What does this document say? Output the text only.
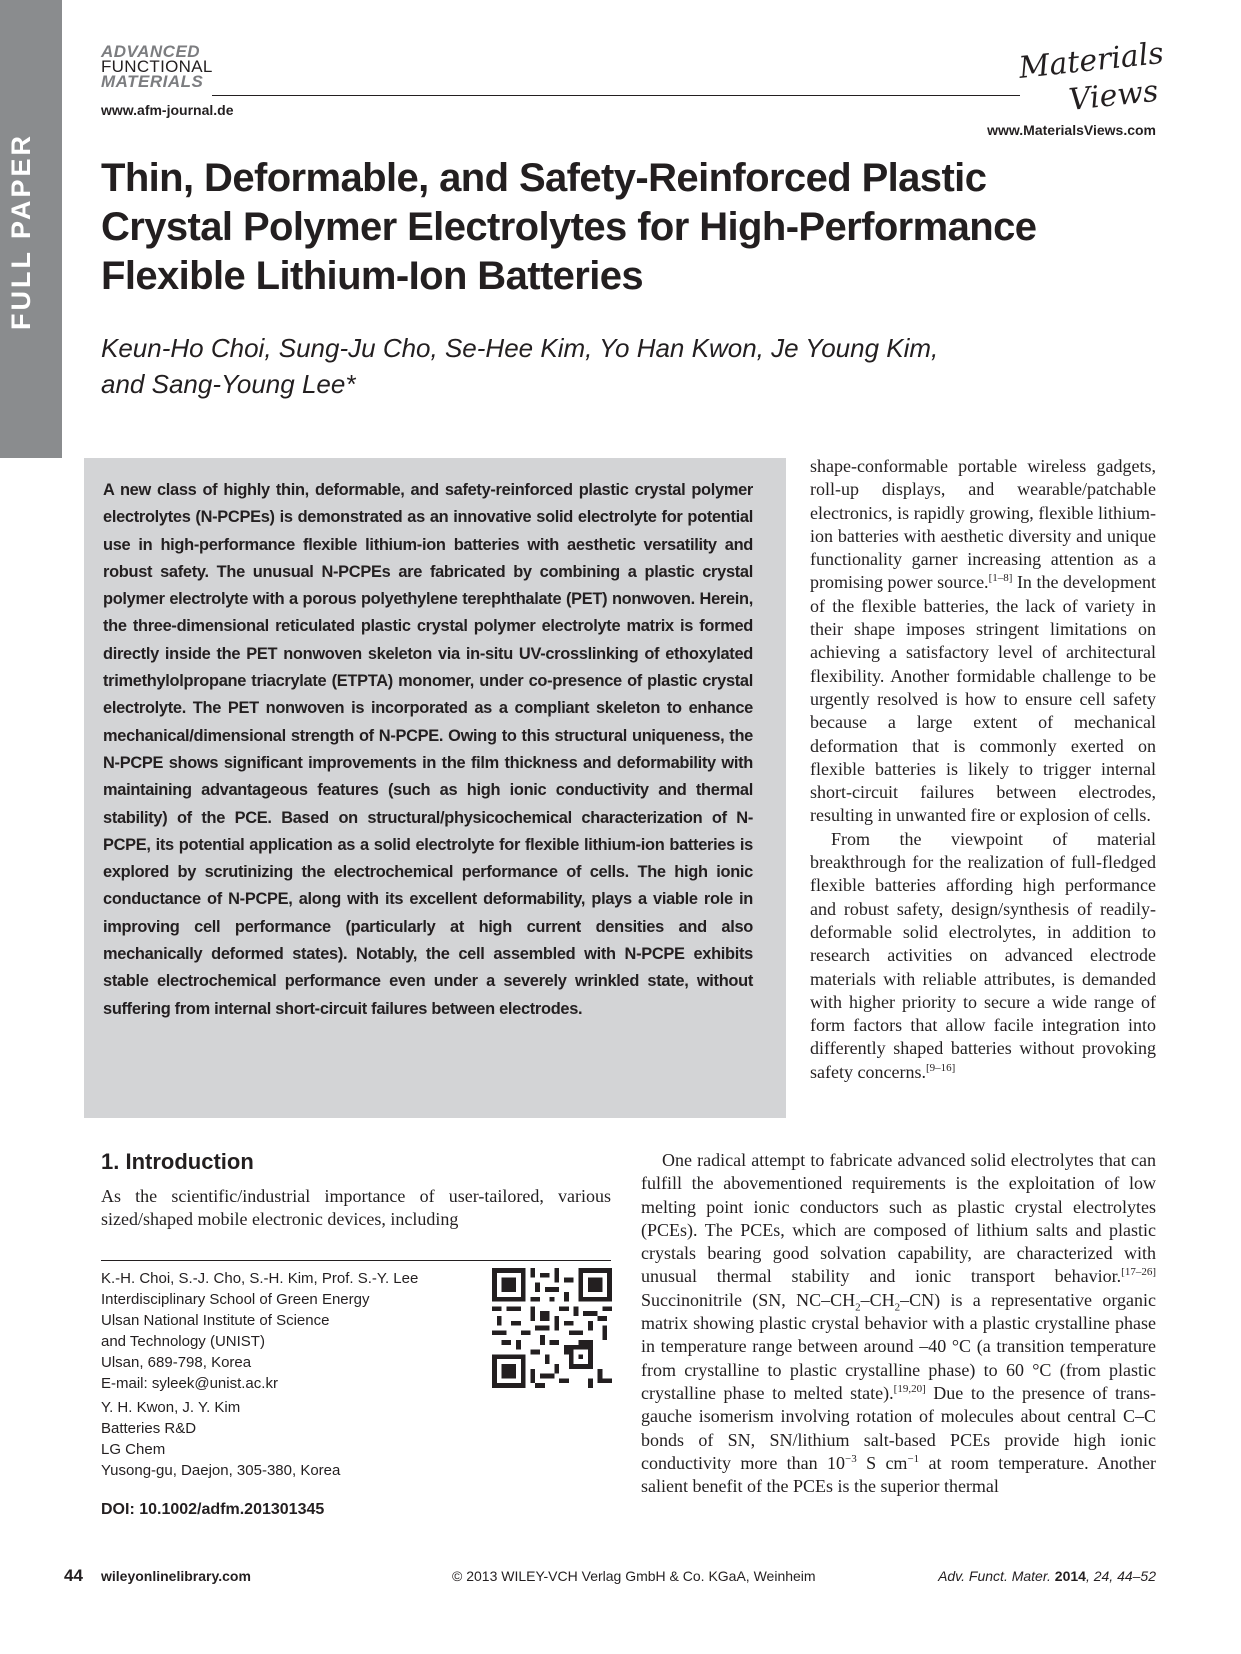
FULL PAPER
ADVANCED
FUNCTIONAL
MATERIALS
www.afm-journal.de
Materials
Views
www.MaterialsViews.com
Thin, Deformable, and Safety-Reinforced Plastic Crystal Polymer Electrolytes for High-Performance Flexible Lithium-Ion Batteries
Keun-Ho Choi, Sung-Ju Cho, Se-Hee Kim, Yo Han Kwon, Je Young Kim,
and Sang-Young Lee*

A new class of highly thin, deformable, and safety-reinforced plastic crystal polymer electrolytes (N-PCPEs) is demonstrated as an innovative solid electrolyte for potential use in high-performance flexible lithium-ion batteries with aesthetic versatility and robust safety. The unusual N-PCPEs are fabricated by combining a plastic crystal polymer electrolyte with a porous polyethylene terephthalate (PET) nonwoven. Herein, the three-dimensional reticulated plastic crystal polymer electrolyte matrix is formed directly inside the PET nonwoven skeleton via in-situ UV-crosslinking of ethoxylated trimethylolpropane triacrylate (ETPTA) monomer, under co-presence of plastic crystal electrolyte. The PET nonwoven is incorporated as a compliant skeleton to enhance mechanical/dimensional strength of N-PCPE. Owing to this structural uniqueness, the N-PCPE shows significant improvements in the film thickness and deformability with maintaining advantageous features (such as high ionic conductivity and thermal stability) of the PCE. Based on structural/physicochemical characterization of N-PCPE, its potential application as a solid electrolyte for flexible lithium-ion batteries is explored by scrutinizing the electrochemical performance of cells. The high ionic conductance of N-PCPE, along with its excellent deformability, plays a viable role in improving cell performance (particularly at high current densities and also mechanically deformed states). Notably, the cell assembled with N-PCPE exhibits stable electrochemical performance even under a severely wrinkled state, without suffering from internal short-circuit failures between electrodes.

shape-conformable portable wireless gadgets, roll-up displays, and wearable/patchable electronics, is rapidly growing, flexible lithium-ion batteries with aesthetic diversity and unique functionality garner increasing attention as a promising power source.[1–8] In the development of the flexible batteries, the lack of variety in their shape imposes stringent limitations on achieving a satisfactory level of architectural flexibility. Another formidable challenge to be urgently resolved is how to ensure cell safety because a large extent of mechanical deformation that is commonly exerted on flexible batteries is likely to trigger internal short-circuit failures between electrodes, resulting in unwanted fire or explosion of cells.

From the viewpoint of material breakthrough for the realization of full-fledged flexible batteries affording high performance and robust safety, design/synthesis of readily-deformable solid electrolytes, in addition to research activities on advanced electrode materials with reliable attributes, is demanded with higher priority to secure a wide range of form factors that allow facile integration into differently shaped batteries without provoking safety concerns.[9–16]

1. Introduction

As the scientific/industrial importance of user-tailored, various sized/shaped mobile electronic devices, including

One radical attempt to fabricate advanced solid electrolytes that can fulfill the abovementioned requirements is the exploitation of low melting point ionic conductors such as plastic crystal electrolytes (PCEs). The PCEs, which are composed of lithium salts and plastic crystals bearing good solvation capability, are characterized with unusual thermal stability and ionic transport behavior.[17–26] Succinonitrile (SN, $NC-CH_2-CH_2-CN$) is a representative organic matrix showing plastic crystal behavior with a plastic crystalline phase in temperature range between around –40 °C (a transition temperature from crystalline to plastic crystalline phase) to 60 °C (from plastic crystalline phase to melted state).[19,20] Due to the presence of trans-gauche isomerism involving rotation of molecules about central C–C bonds of SN, SN/lithium salt-based PCEs provide high ionic conductivity more than $10^{-3}$ S $cm^{-1}$ at room temperature. Another salient benefit of the PCEs is the superior thermal

K.-H. Choi, S.-J. Cho, S.-H. Kim, Prof. S.-Y. Lee
Interdisciplinary School of Green Energy
Ulsan National Institute of Science
and Technology (UNIST)
Ulsan, 689-798, Korea
E-mail: syleek@unist.ac.kr
Y. H. Kwon, J. Y. Kim
Batteries R&D
LG Chem
Yusong-gu, Daejon, 305-380, Korea
DOI: 10.1002/adfm.201301345
44 wileyonlinelibrary.com	© 2013 WILEY-VCH Verlag GmbH & Co. KGaA, Weinheim	Adv. Funct. Mater. 2014, 24, 44–52
